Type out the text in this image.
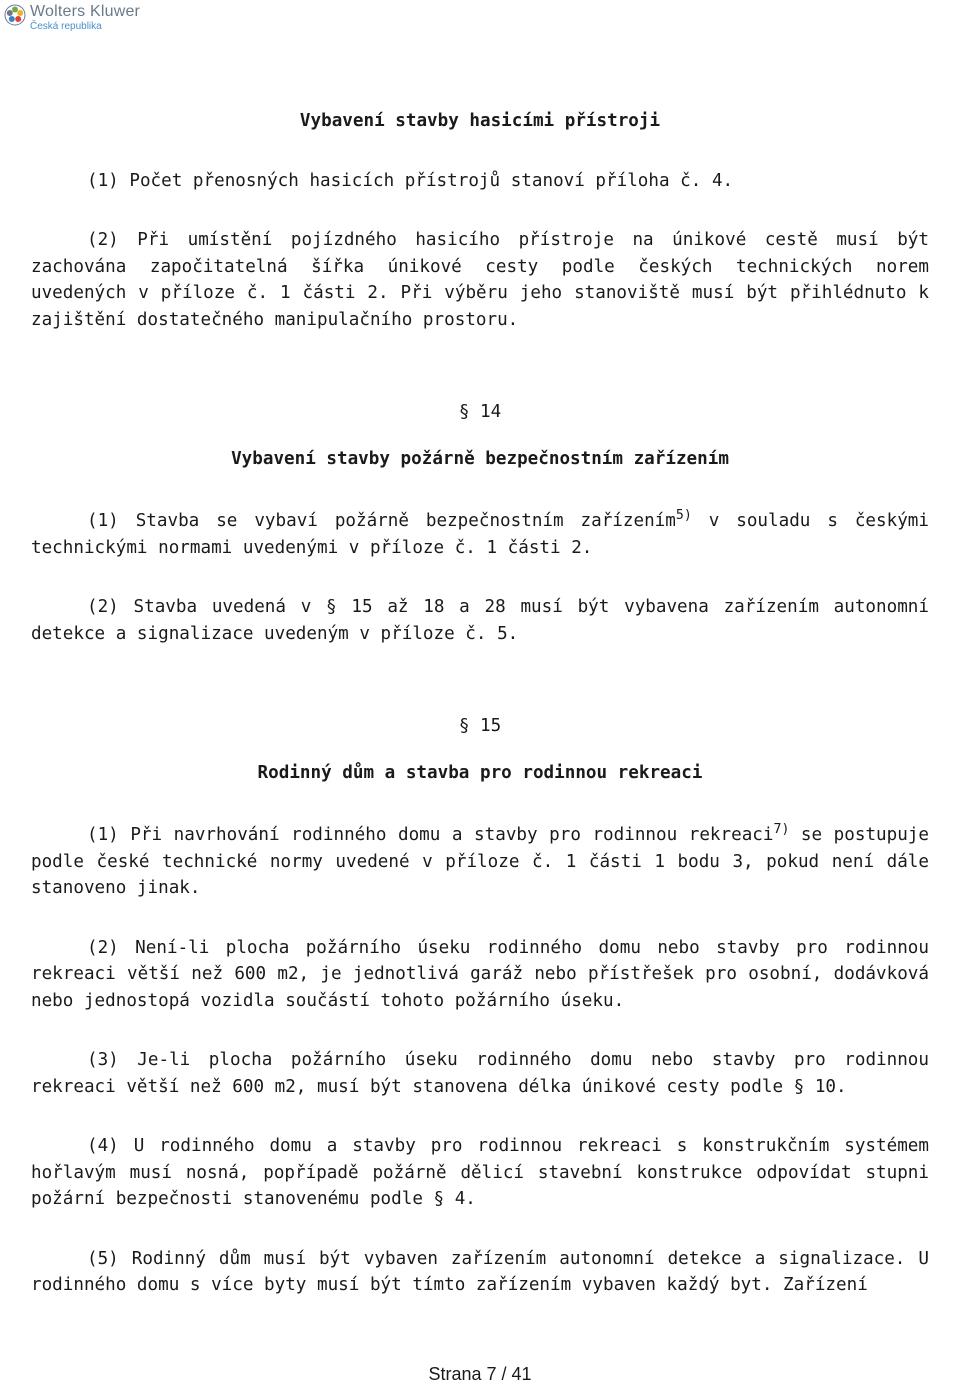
Wolters Kluwer
Česká republika
Vybavení stavby hasicími přístroji

(1) Počet přenosných hasicích přístrojů stanoví příloha č. 4.

(2) Při umístění pojízdného hasicího přístroje na únikové cestě musí být zachována započitatelná šířka únikové cesty podle českých technických norem uvedených v příloze č. 1 části 2. Při výběru jeho stanoviště musí být přihlédnuto k zajištění dostatečného manipulačního prostoru.

§ 14
Vybavení stavby požárně bezpečnostním zařízením

(1) Stavba se vybaví požárně bezpečnostním zařízením$^{5)}$ v souladu s českými technickými normami uvedenými v příloze č. 1 části 2.

(2) Stavba uvedená v § 15 až 18 a 28 musí být vybavena zařízením autonomní detekce a signalizace uvedeným v příloze č. 5.

§ 15
Rodinný dům a stavba pro rodinnou rekreaci

(1) Při navrhování rodinného domu a stavby pro rodinnou rekreaci$^{7)}$ se postupuje podle české technické normy uvedené v příloze č. 1 části 1 bodu 3, pokud není dále stanoveno jinak.

(2) Není-li plocha požárního úseku rodinného domu nebo stavby pro rodinnou rekreaci větší než 600 m2, je jednotlivá garáž nebo přístřešek pro osobní, dodávková nebo jednostopá vozidla součástí tohoto požárního úseku.

(3) Je-li plocha požárního úseku rodinného domu nebo stavby pro rodinnou rekreaci větší než 600 m2, musí být stanovena délka únikové cesty podle § 10.

(4) U rodinného domu a stavby pro rodinnou rekreaci s konstrukčním systémem hořlavým musí nosná, popřípadě požárně dělicí stavební konstrukce odpovídat stupni požární bezpečnosti stanovenému podle § 4.

(5) Rodinný dům musí být vybaven zařízením autonomní detekce a signalizace. U rodinného domu s více byty musí být tímto zařízením vybaven každý byt. Zařízení

Strana 7 / 41
